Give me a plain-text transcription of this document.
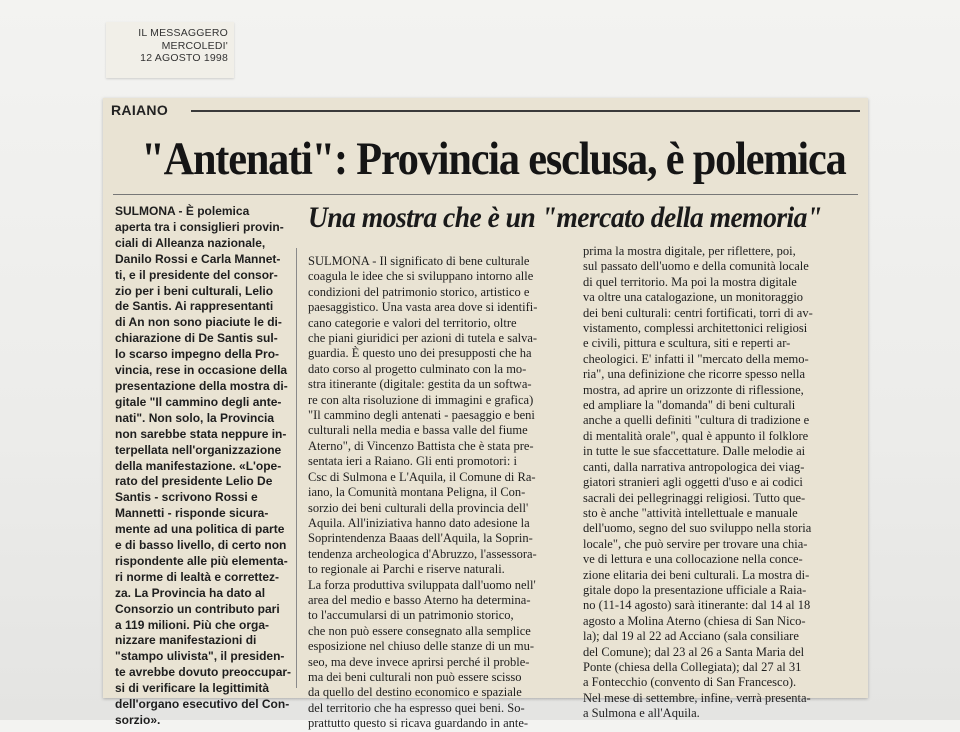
IL MESSAGGERO
MERCOLEDI'
12 AGOSTO 1998
RAIANO
"Antenati": Provincia esclusa, è polemica
SULMONA - È polemica
aperta tra i consiglieri provin-
ciali di Alleanza nazionale,
Danilo Rossi e Carla Mannet-
ti, e il presidente del consor-
zio per i beni culturali, Lelio
de Santis. Ai rappresentanti
di An non sono piaciute le di-
chiarazione di De Santis sul-
lo scarso impegno della Pro-
vincia, rese in occasione della
presentazione della mostra di-
gitale "Il cammino degli ante-
nati". Non solo, la Provincia
non sarebbe stata neppure in-
terpellata nell'organizzazione
della manifestazione. «L'ope-
rato del presidente Lelio De
Santis - scrivono Rossi e
Mannetti - risponde sicura-
mente ad una politica di parte
e di basso livello, di certo non
rispondente alle più elementa-
ri norme di lealtà e correttez-
za. La Provincia ha dato al
Consorzio un contributo pari
a 119 milioni. Più che orga-
nizzare manifestazioni di
"stampo ulivista", il presiden-
te avrebbe dovuto preoccupar-
si di verificare la legittimità
dell'organo esecutivo del Con-
sorzio».
Una mostra che è un "mercato della memoria"
SULMONA - Il significato di bene culturale
coagula le idee che si sviluppano intorno alle
condizioni del patrimonio storico, artistico e
paesaggistico. Una vasta area dove si identifi-
cano categorie e valori del territorio, oltre
che piani giuridici per azioni di tutela e salva-
guardia. È questo uno dei presupposti che ha
dato corso al progetto culminato con la mo-
stra itinerante (digitale: gestita da un softwa-
re con alta risoluzione di immagini e grafica)
"Il cammino degli antenati - paesaggio e beni
culturali nella media e bassa valle del fiume
Aterno", di Vincenzo Battista che è stata pre-
sentata ieri a Raiano. Gli enti promotori: i
Csc di Sulmona e L'Aquila, il Comune di Ra-
iano, la Comunità montana Peligna, il Con-
sorzio dei beni culturali della provincia dell'
Aquila. All'iniziativa hanno dato adesione la
Soprintendenza Baaas dell'Aquila, la Soprin-
tendenza archeologica d'Abruzzo, l'assessora-
to regionale ai Parchi e riserve naturali.
La forza produttiva sviluppata dall'uomo nell'
area del medio e basso Aterno ha determina-
to l'accumularsi di un patrimonio storico,
che non può essere consegnato alla semplice
esposizione nel chiuso delle stanze di un mu-
seo, ma deve invece aprirsi perché il proble-
ma dei beni culturali non può essere scisso
da quello del destino economico e spaziale
del territorio che ha espresso quei beni. So-
prattutto questo si ricava guardando in ante-
prima la mostra digitale, per riflettere, poi,
sul passato dell'uomo e della comunità locale
di quel territorio. Ma poi la mostra digitale
va oltre una catalogazione, un monitoraggio
dei beni culturali: centri fortificati, torri di av-
vistamento, complessi architettonici religiosi
e civili, pittura e scultura, siti e reperti ar-
cheologici. E' infatti il "mercato della memo-
ria", una definizione che ricorre spesso nella
mostra, ad aprire un orizzonte di riflessione,
ed ampliare la "domanda" di beni culturali
anche a quelli definiti "cultura di tradizione e
di mentalità orale", qual è appunto il folklore
in tutte le sue sfaccettature. Dalle melodie ai
canti, dalla narrativa antropologica dei viag-
giatori stranieri agli oggetti d'uso e ai codici
sacrali dei pellegrinaggi religiosi. Tutto que-
sto è anche "attività intellettuale e manuale
dell'uomo, segno del suo sviluppo nella storia
locale", che può servire per trovare una chia-
ve di lettura e una collocazione nella conce-
zione elitaria dei beni culturali. La mostra di-
gitale dopo la presentazione ufficiale a Raia-
no (11-14 agosto) sarà itinerante: dal 14 al 18
agosto a Molina Aterno (chiesa di San Nico-
la); dal 19 al 22 ad Acciano (sala consiliare
del Comune); dal 23 al 26 a Santa Maria del
Ponte (chiesa della Collegiata); dal 27 al 31
a Fontecchio (convento di San Francesco).
Nel mese di settembre, infine, verrà presenta-
a Sulmona e all'Aquila.
